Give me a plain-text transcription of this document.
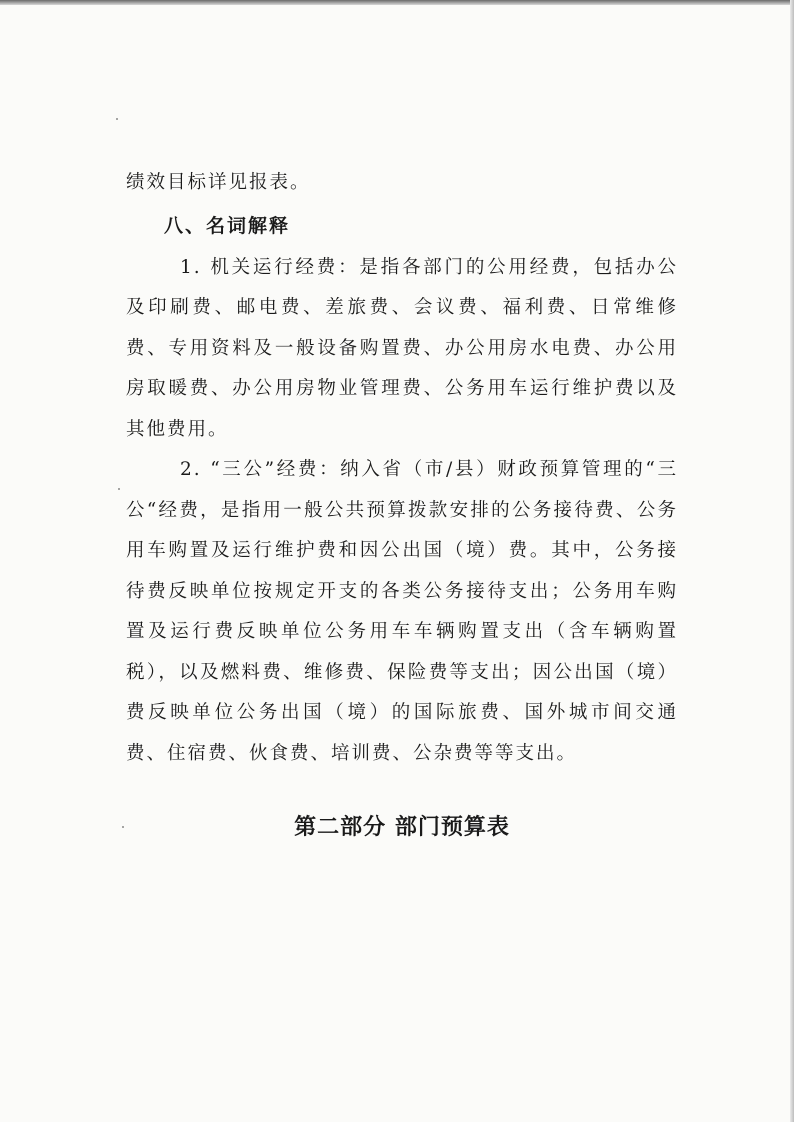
绩效目标详见报表。

八、名词解释

1. 机关运行经费：是指各部门的公用经费，包括办公及印刷费、邮电费、差旅费、会议费、福利费、日常维修费、专用资料及一般设备购置费、办公用房水电费、办公用房取暖费、办公用房物业管理费、公务用车运行维护费以及其他费用。

2. “三公”经费：纳入省（市/县）财政预算管理的“三公“经费，是指用一般公共预算拨款安排的公务接待费、公务用车购置及运行维护费和因公出国（境）费。其中，公务接待费反映单位按规定开支的各类公务接待支出；公务用车购置及运行费反映单位公务用车车辆购置支出（含车辆购置税），以及燃料费、维修费、保险费等支出；因公出国（境）费反映单位公务出国（境）的国际旅费、国外城市间交通费、住宿费、伙食费、培训费、公杂费等等支出。

第二部分 部门预算表
